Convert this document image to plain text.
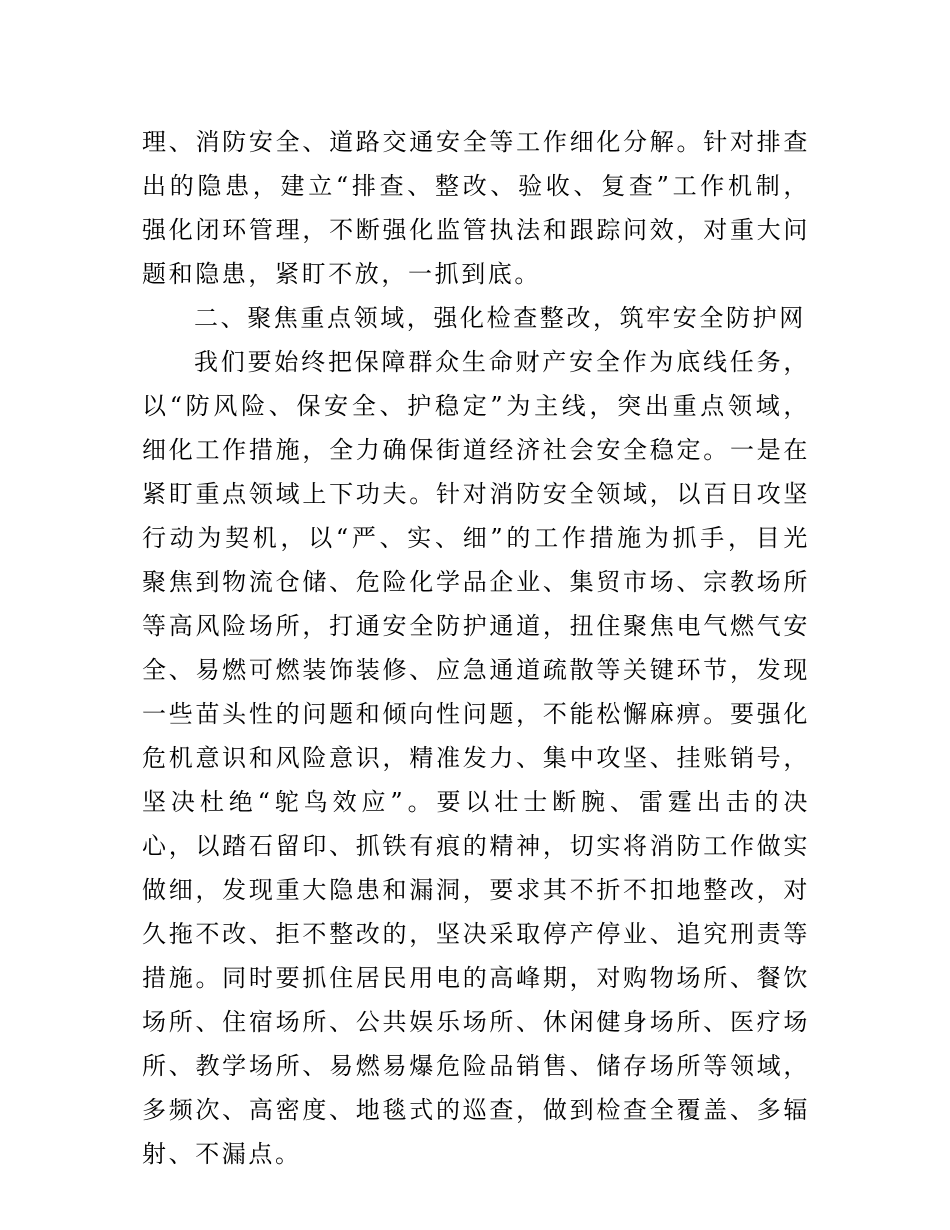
理、消防安全、道路交通安全等工作细化分解。针对排查出的隐患，建立“排查、整改、验收、复查”工作机制，强化闭环管理，不断强化监管执法和跟踪问效，对重大问题和隐患，紧盯不放，一抓到底。

二、聚焦重点领域，强化检查整改，筑牢安全防护网

我们要始终把保障群众生命财产安全作为底线任务，以“防风险、保安全、护稳定”为主线，突出重点领域，细化工作措施，全力确保街道经济社会安全稳定。一是在紧盯重点领域上下功夫。针对消防安全领域，以百日攻坚行动为契机，以“严、实、细”的工作措施为抓手，目光聚焦到物流仓储、危险化学品企业、集贸市场、宗教场所等高风险场所，打通安全防护通道，扭住聚焦电气燃气安全、易燃可燃装饰装修、应急通道疏散等关键环节，发现一些苗头性的问题和倾向性问题，不能松懈麻痹。要强化危机意识和风险意识，精准发力、集中攻坚、挂账销号，坚决杜绝“鸵鸟效应”。要以壮士断腕、雷霆出击的决心，以踏石留印、抓铁有痕的精神，切实将消防工作做实做细，发现重大隐患和漏洞，要求其不折不扣地整改，对久拖不改、拒不整改的，坚决采取停产停业、追究刑责等措施。同时要抓住居民用电的高峰期，对购物场所、餐饮场所、住宿场所、公共娱乐场所、休闲健身场所、医疗场所、教学场所、易燃易爆危险品销售、储存场所等领域，多频次、高密度、地毯式的巡查，做到检查全覆盖、多辐射、不漏点。
